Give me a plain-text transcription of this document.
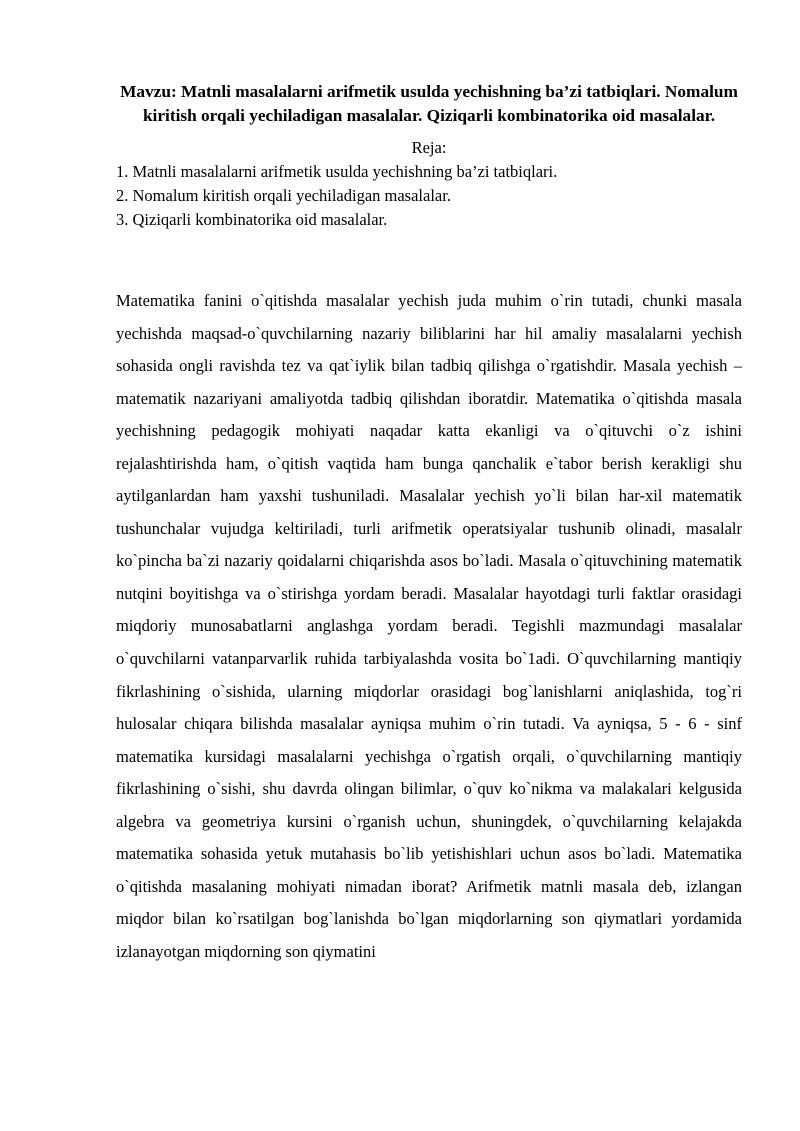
Mavzu: Matnli masalalarni arifmetik usulda yechishning ba’zi tatbiqlari. Nomalum kiritish orqali yechiladigan masalalar. Qiziqarli kombinatorika oid masalalar.
Reja:
1. Matnli masalalarni arifmetik usulda yechishning ba’zi tatbiqlari.
2. Nomalum kiritish orqali yechiladigan masalalar.
3. Qiziqarli kombinatorika oid masalalar.

Matematika fanini o`qitishda masalalar yechish juda muhim o`rin tutadi, chunki masala yechishda maqsad-o`quvchilarning nazariy biliblarini har hil amaliy masalalarni yechish sohasida ongli ravishda tez va qat`iylik bilan tadbiq qilishga o`rgatishdir. Masala yechish – matematik nazariyani amaliyotda tadbiq qilishdan iboratdir. Matematika o`qitishda masala yechishning pedagogik mohiyati naqadar katta ekanligi va o`qituvchi o`z ishini rejalashtirishda ham, o`qitish vaqtida ham bunga qanchalik e`tabor berish kerakligi shu aytilganlardan ham yaxshi tushuniladi. Masalalar yechish yo`li bilan har-xil matematik tushunchalar vujudga keltiriladi, turli arifmetik operatsiyalar tushunib olinadi, masalalr ko`pincha ba`zi nazariy qoidalarni chiqarishda asos bo`ladi. Masala o`qituvchining matematik nutqini boyitishga va o`stirishga yordam beradi. Masalalar hayotdagi turli faktlar orasidagi miqdoriy munosabatlarni anglashga yordam beradi. Tegishli mazmundagi masalalar o`quvchilarni vatanparvarlik ruhida tarbiyalashda vosita bo`1adi. O`quvchilarning mantiqiy fikrlashining o`sishida, ularning miqdorlar orasidagi bog`lanishlarni aniqlashida, tog`ri hulosalar chiqara bilishda masalalar ayniqsa muhim o`rin tutadi. Va ayniqsa, 5 - 6 - sinf matematika kursidagi masalalarni yechishga o`rgatish orqali, o`quvchilarning mantiqiy fikrlashining o`sishi, shu davrda olingan bilimlar, o`quv ko`nikma va malakalari kelgusida algebra va geometriya kursini o`rganish uchun, shuningdek, o`quvchilarning kelajakda matematika sohasida yetuk mutahasis bo`lib yetishishlari uchun asos bo`ladi. Matematika o`qitishda masalaning mohiyati nimadan iborat? Arifmetik matnli masala deb, izlangan miqdor bilan ko`rsatilgan bog`lanishda bo`lgan miqdorlarning son qiymatlari yordamida izlanayotgan miqdorning son qiymatini
